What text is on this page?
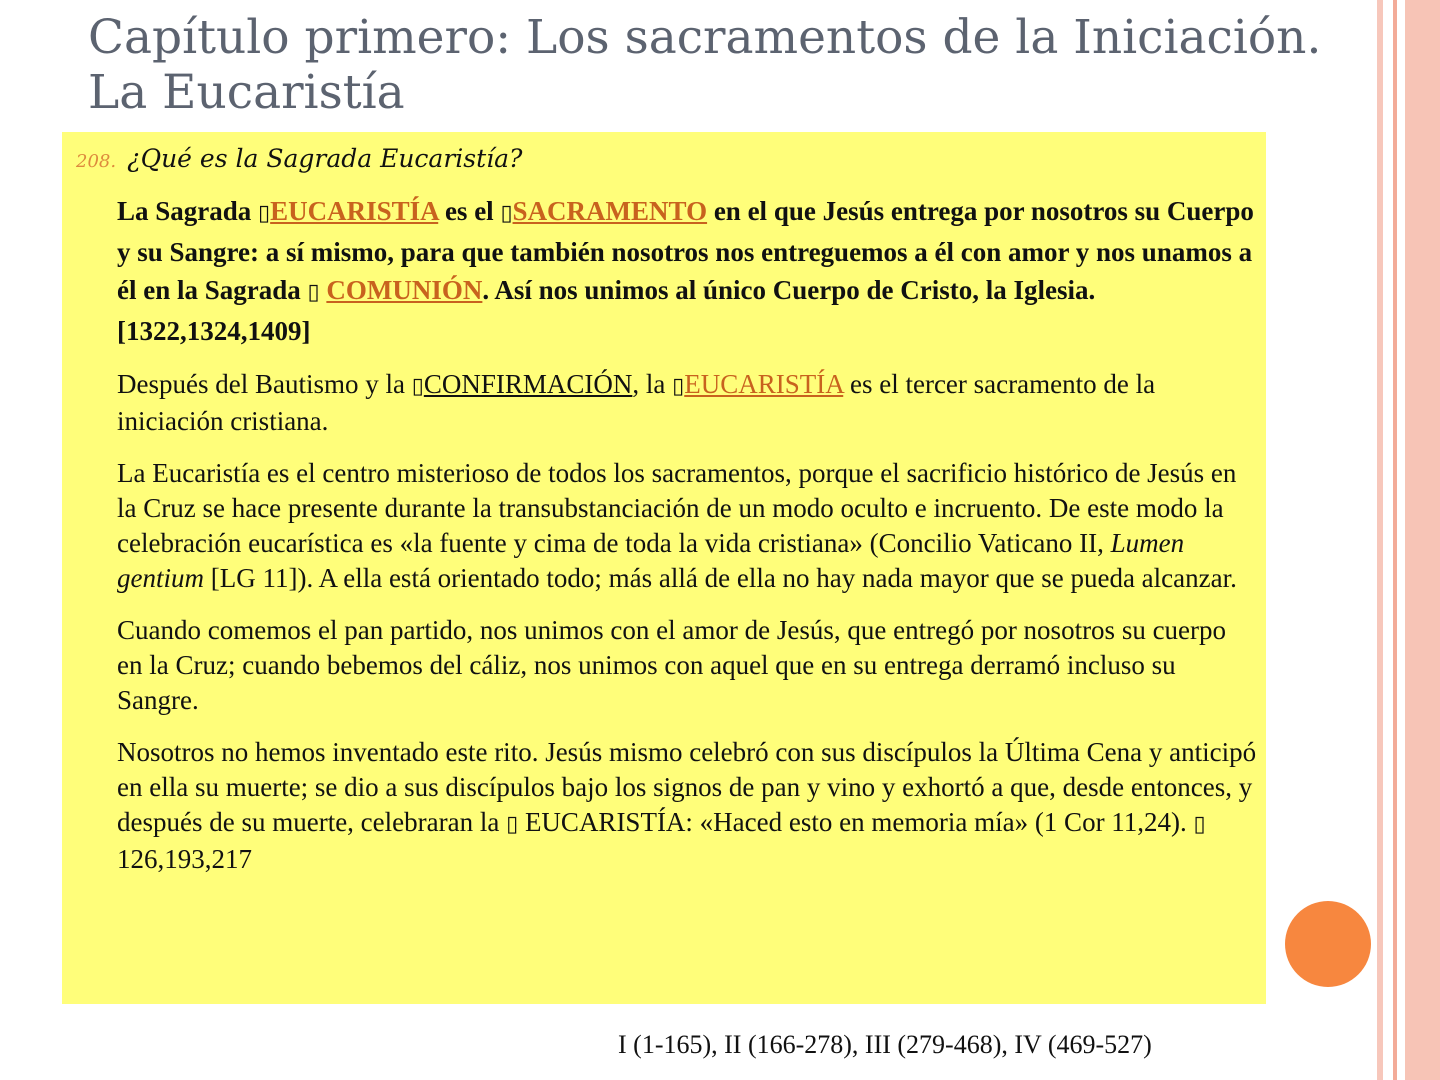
Capítulo primero: Los sacramentos de la Iniciación.
La Eucaristía
208. ¿Qué es la Sagrada Eucaristía?

La Sagrada ▯EUCARISTÍA es el ▯SACRAMENTO en el que Jesús entrega por nosotros su Cuerpo y su Sangre: a sí mismo, para que también nosotros nos entreguemos a él con amor y nos unamos a él en la Sagrada ▯ COMUNIÓN. Así nos unimos al único Cuerpo de Cristo, la Iglesia. [1322,1324,1409]

Después del Bautismo y la ▯CONFIRMACIÓN, la ▯EUCARISTÍA es el tercer sacramento de la iniciación cristiana.

La Eucaristía es el centro misterioso de todos los sacramentos, porque el sacrificio histórico de Jesús en la Cruz se hace presente durante la transubstanciación de un modo oculto e incruento. De este modo la celebración eucarística es «la fuente y cima de toda la vida cristiana» (Concilio Vaticano II, Lumen gentium [LG 11]). A ella está orientado todo; más allá de ella no hay nada mayor que se pueda alcanzar.

Cuando comemos el pan partido, nos unimos con el amor de Jesús, que entregó por nosotros su cuerpo en la Cruz; cuando bebemos del cáliz, nos unimos con aquel que en su entrega derramó incluso su Sangre.

Nosotros no hemos inventado este rito. Jesús mismo celebró con sus discípulos la Última Cena y anticipó en ella su muerte; se dio a sus discípulos bajo los signos de pan y vino y exhortó a que, desde entonces, y después de su muerte, celebraran la ▯ EUCARISTÍA: «Haced esto en memoria mía» (1 Cor 11,24). ▯ 126,193,217

I (1-165), II (166-278), III (279-468), IV (469-527)
